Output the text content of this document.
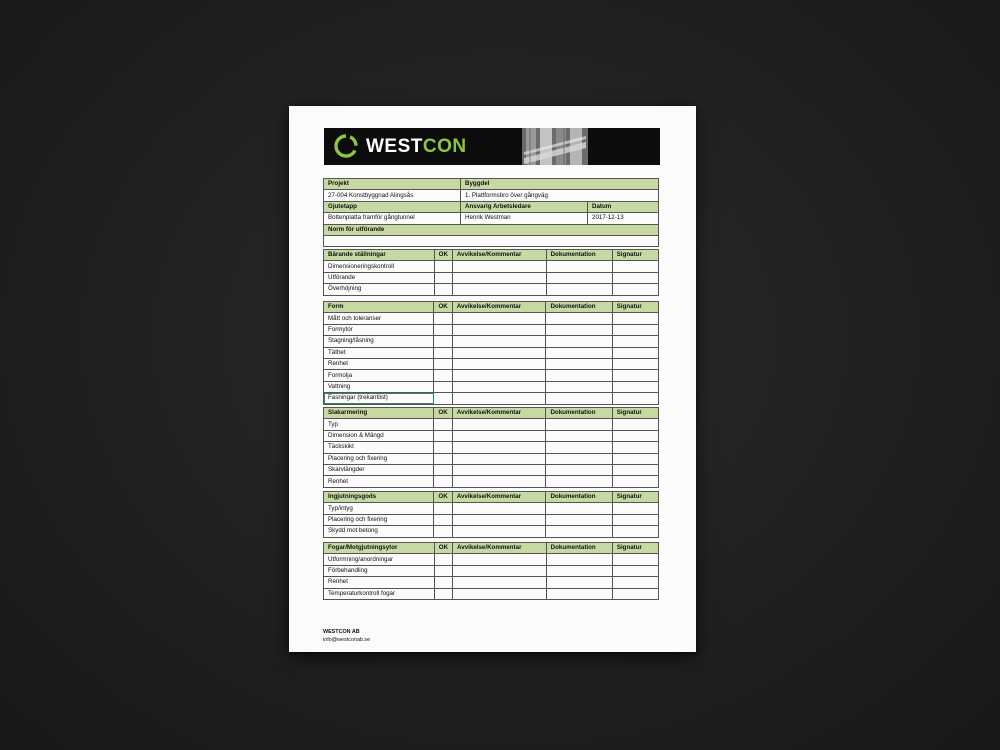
WESTCON
Projekt	Byggdel	
27-004 Konstbyggnad Alingsås	1. Plattformsbro över gångväg	
Gjutetapp	Ansvarig Arbetsledare	Datum
Bottenplatta framför gångtunnel	Henrik Westman	2017-12-13
Norm för utförande		

Bärande ställningar	OK	Avvikelse/Kommentar	Dokumentation	Signatur
Dimensioneringskontroll				
Utförande				
Överhöjning				
Form	OK	Avvikelse/Kommentar	Dokumentation	Signatur
Mått och toleranser				
Formytor				
Stagning/låsning				
Täthet				
Renhet				
Formolja				
Vattning				
Fasningar (trekantlist)				
Slakarmering	OK	Avvikelse/Kommentar	Dokumentation	Signatur
Typ				
Dimension & Mängd				
Täckskikt				
Placering och fixering				
Skarvlängder				
Renhet				
Ingjutningsgods	OK	Avvikelse/Kommentar	Dokumentation	Signatur
Typ/intyg				
Placering och fixering				
Skydd mot betong				
Fogar/Motgjutningsytor	OK	Avvikelse/Kommentar	Dokumentation	Signatur
Utformning/anordningar				
Förbehandling				
Renhet				
Temperaturkontroll fogar				
WESTCON AB
info@westconab.se
